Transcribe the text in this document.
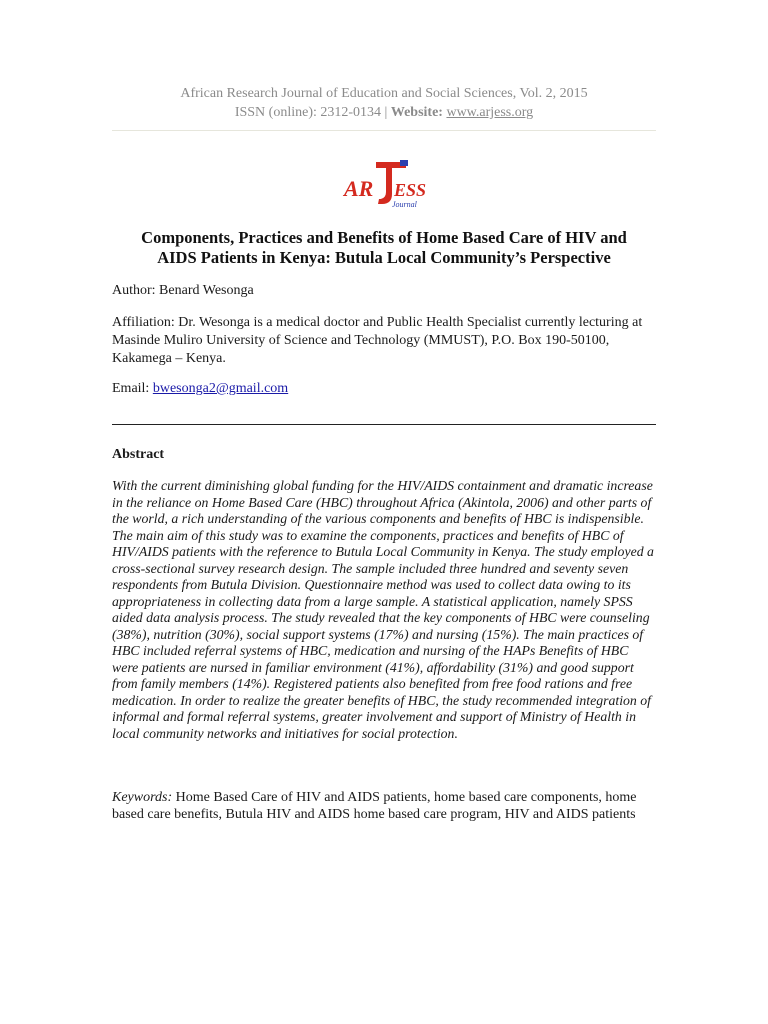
African Research Journal of Education and Social Sciences, Vol. 2, 2015
ISSN (online): 2312-0134 | Website: www.arjess.org
AR ESS
Journal
Components, Practices and Benefits of Home Based Care of HIV and
AIDS Patients in Kenya: Butula Local Community’s Perspective
Author: Benard Wesonga
Affiliation: Dr. Wesonga is a medical doctor and Public Health Specialist currently lecturing at Masinde Muliro University of Science and Technology (MMUST), P.O. Box 190-50100, Kakamega – Kenya.
Email: bwesonga2@gmail.com
Abstract
With the current diminishing global funding for the HIV/AIDS containment and dramatic increase in the reliance on Home Based Care (HBC) throughout Africa (Akintola, 2006) and other parts of the world, a rich understanding of the various components and benefits of HBC is indispensible. The main aim of this study was to examine the components, practices and benefits of HBC of HIV/AIDS patients with the reference to Butula Local Community in Kenya. The study employed a cross-sectional survey research design. The sample included three hundred and seventy seven respondents from Butula Division. Questionnaire method was used to collect data owing to its appropriateness in collecting data from a large sample. A statistical application, namely SPSS aided data analysis process. The study revealed that the key components of HBC were counseling (38%), nutrition (30%), social support systems (17%) and nursing (15%). The main practices of HBC included referral systems of HBC, medication and nursing of the HAPs Benefits of HBC were patients are nursed in familiar environment (41%), affordability (31%) and good support from family members (14%). Registered patients also benefited from free food rations and free medication. In order to realize the greater benefits of HBC, the study recommended integration of informal and formal referral systems, greater involvement and support of Ministry of Health in local community networks and initiatives for social protection.
Keywords: Home Based Care of HIV and AIDS patients, home based care components, home based care benefits, Butula HIV and AIDS home based care program, HIV and AIDS patients
